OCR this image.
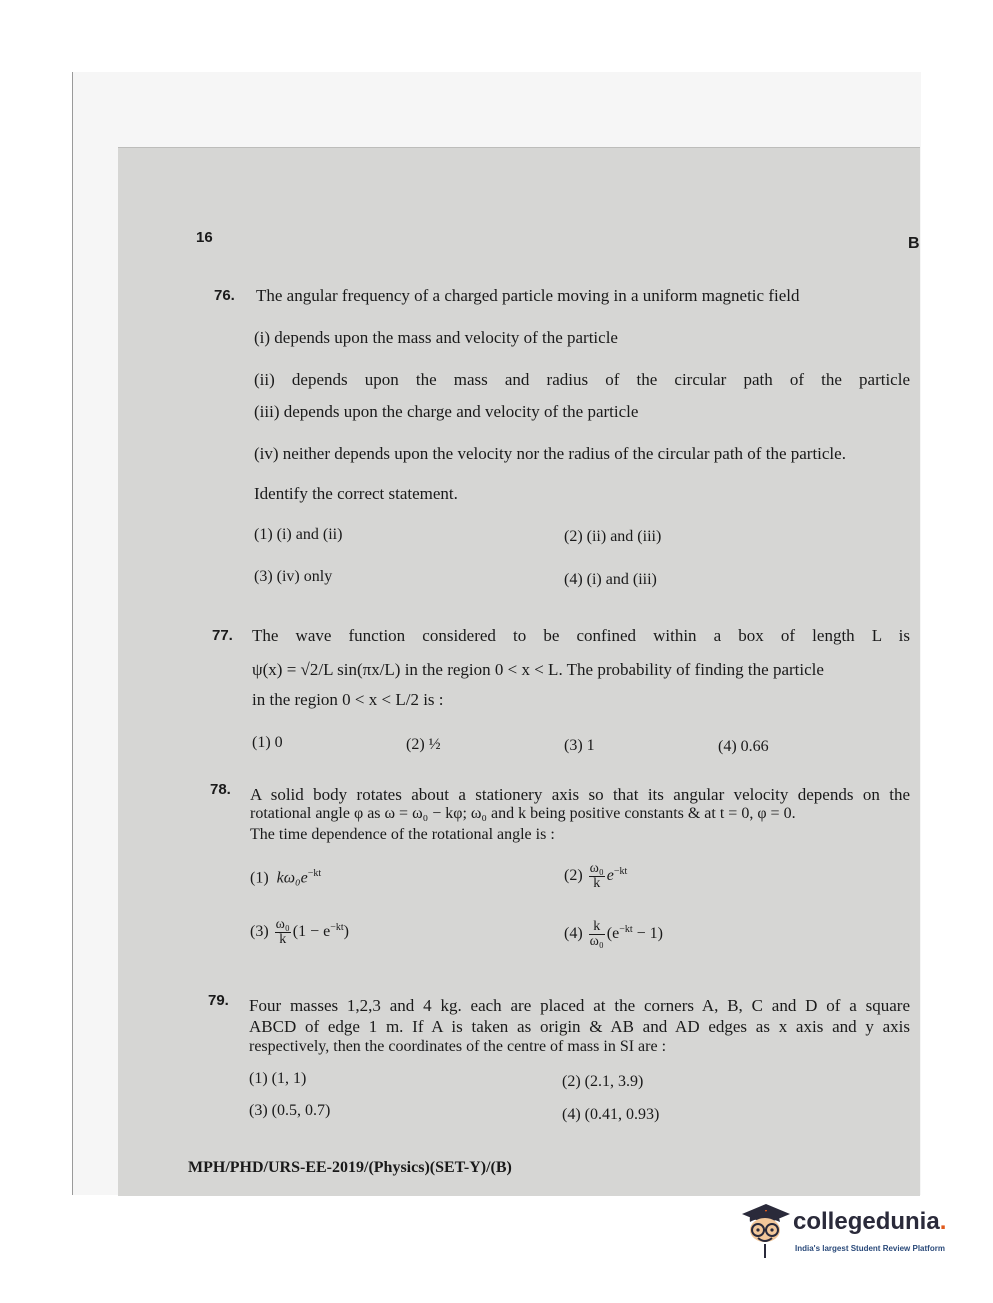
16	B
76. The angular frequency of a charged particle moving in a uniform magnetic field
(i) depends upon the mass and velocity of the particle
(ii) depends upon the mass and radius of the circular path of the particle
(iii) depends upon the charge and velocity of the particle
(iv) neither depends upon the velocity nor the radius of the circular path of the particle.
Identify the correct statement.
(1) (i) and (ii)	(2) (ii) and (iii)
(3) (iv) only	(4) (i) and (iii)
77. The wave function considered to be confined within a box of length L is
ψ(x) = √2/L sin(πx/L) in the region 0 < x < L. The probability of finding the particle
in the region 0 < x < L/2 is :
(1) 0	(2) ½	(3) 1	(4) 0.66
78. A solid body rotates about a stationery axis so that its angular velocity depends on the
rotational angle φ as ω = ω₀ − kφ; ω₀ and k being positive constants & at t = 0, φ = 0.
The time dependence of the rotational angle is :
(1) $k\omega_0e^{-kt}$	$(2) \frac{\text{ω₀}}{k} e^{-kt}$
$(3) \frac{\text{ω₀}}{k} (1 - e^{-kt})$	$(4) \frac{k}{\text{ω₀}} (e^{-kt} - 1)$
79. Four masses 1,2,3 and 4 kg. each are placed at the corners A, B, C and D of a square
ABCD of edge 1 m. If A is taken as origin & AB and AD edges as x axis and y axis
respectively, then the coordinates of the centre of mass in SI are :
(1) (1, 1)	(2) (2.1, 3.9)
(3) (0.5, 0.7)	(4) (0.41, 0.93)
MPH/PHD/URS-EE-2019/(Physics)(SET-Y)/(B)
collegedunia.
India's largest Student Review Platform
